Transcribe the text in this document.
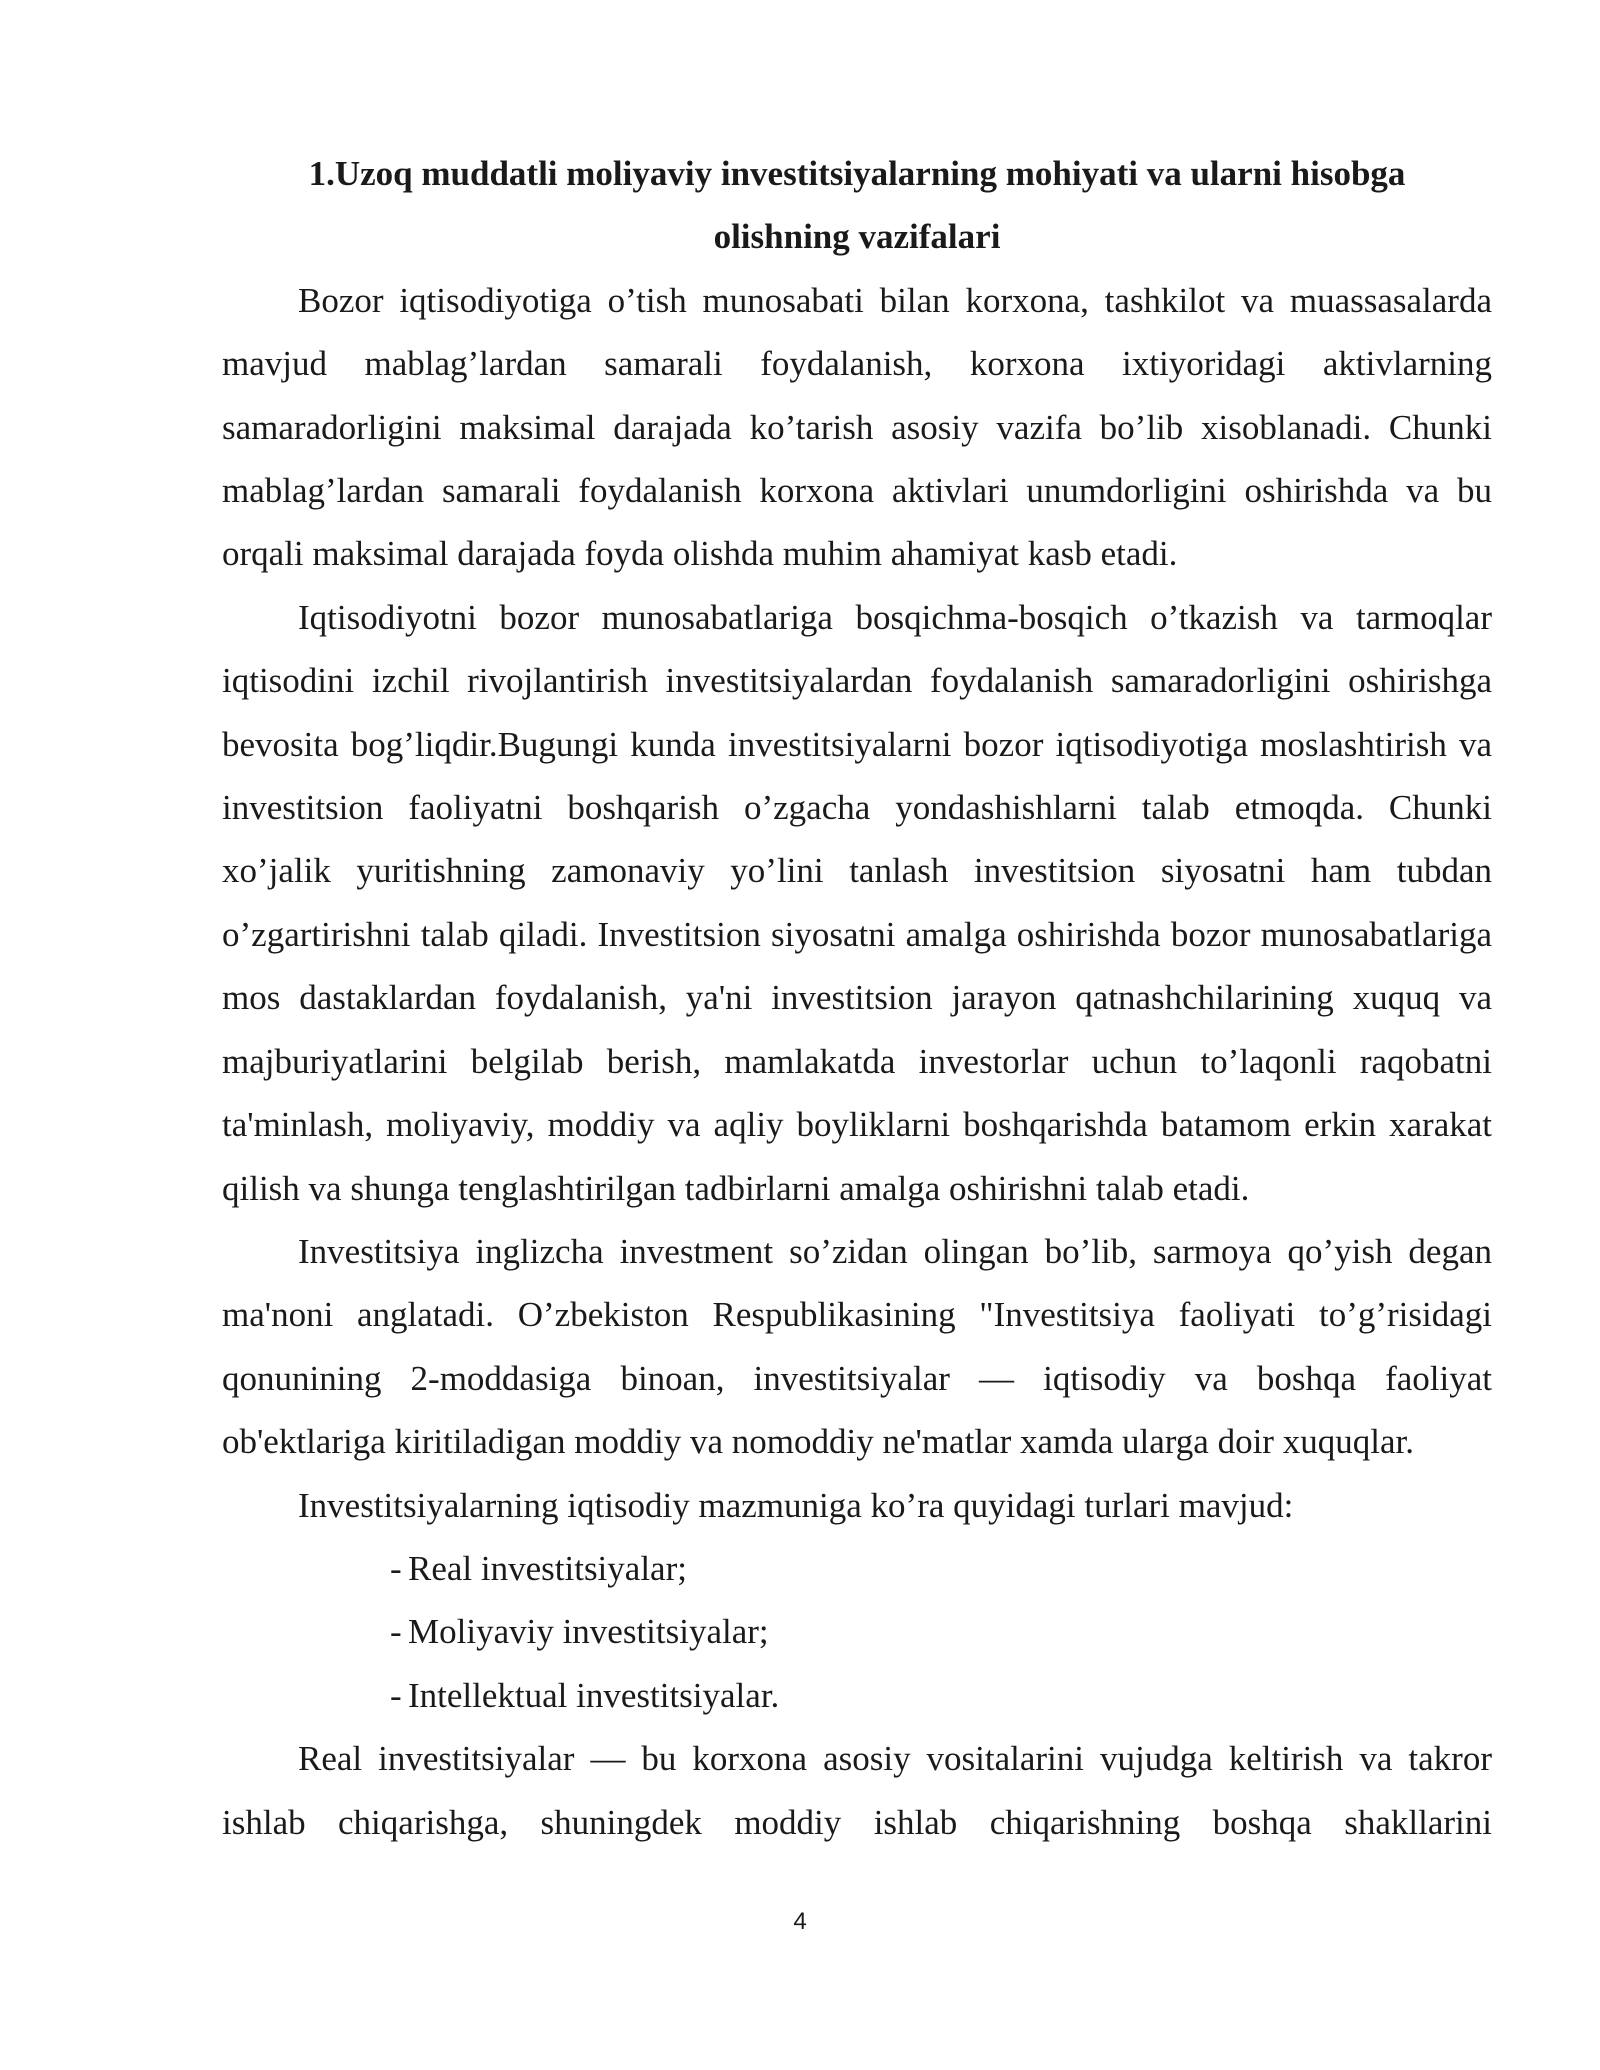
1.Uzoq muddatli moliyaviy investitsiyalarning mohiyati va ularni hisobga olishning vazifalari

Bozor iqtisodiyotiga o’tish munosabati bilan korxona, tashkilot va muassasalarda mavjud mablag’lardan samarali foydalanish, korxona ixtiyoridagi aktivlarning samaradorligini maksimal darajada ko’tarish asosiy vazifa bo’lib xisoblanadi. Chunki mablag’lardan samarali foydalanish korxona aktivlari unumdorligini oshirishda va bu orqali maksimal darajada foyda olishda muhim ahamiyat kasb etadi.

Iqtisodiyotni bozor munosabatlariga bosqichma-bosqich o’tkazish va tarmoqlar iqtisodini izchil rivojlantirish investitsiyalardan foydalanish samaradorligini oshirishga bevosita bog’liqdir.Bugungi kunda investitsiyalarni bozor iqtisodiyotiga moslashtirish va investitsion faoliyatni boshqarish o’zgacha yondashishlarni talab etmoqda. Chunki xo’jalik yuritishning zamonaviy yo’lini tanlash investitsion siyosatni ham tubdan o’zgartirishni talab qiladi. Investitsion siyosatni amalga oshirishda bozor munosabatlariga mos dastaklardan foydalanish, ya'ni investitsion jarayon qatnashchilarining xuquq va majburiyatlarini belgilab berish, mamlakatda investorlar uchun to’laqonli raqobatni ta'minlash, moliyaviy, moddiy va aqliy boyliklarni boshqarishda batamom erkin xarakat qilish va shunga tenglashtirilgan tadbirlarni amalga oshirishni talab etadi.

Investitsiya inglizcha investment so’zidan olingan bo’lib, sarmoya qo’yish degan ma'noni anglatadi. O’zbekiston Respublikasining "Investitsiya faoliyati to’g’risidagi qonunining 2-moddasiga binoan, investitsiyalar — iqtisodiy va boshqa faoliyat ob'ektlariga kiritiladigan moddiy va nomoddiy ne'matlar xamda ularga doir xuquqlar.

Investitsiyalarning iqtisodiy mazmuniga ko’ra quyidagi turlari mavjud:

- Real investitsiyalar;
- Moliyaviy investitsiyalar;
- Intellektual investitsiyalar.

Real investitsiyalar — bu korxona asosiy vositalarini vujudga keltirish va takror ishlab chiqarishga, shuningdek moddiy ishlab chiqarishning boshqa shakllarini

4
